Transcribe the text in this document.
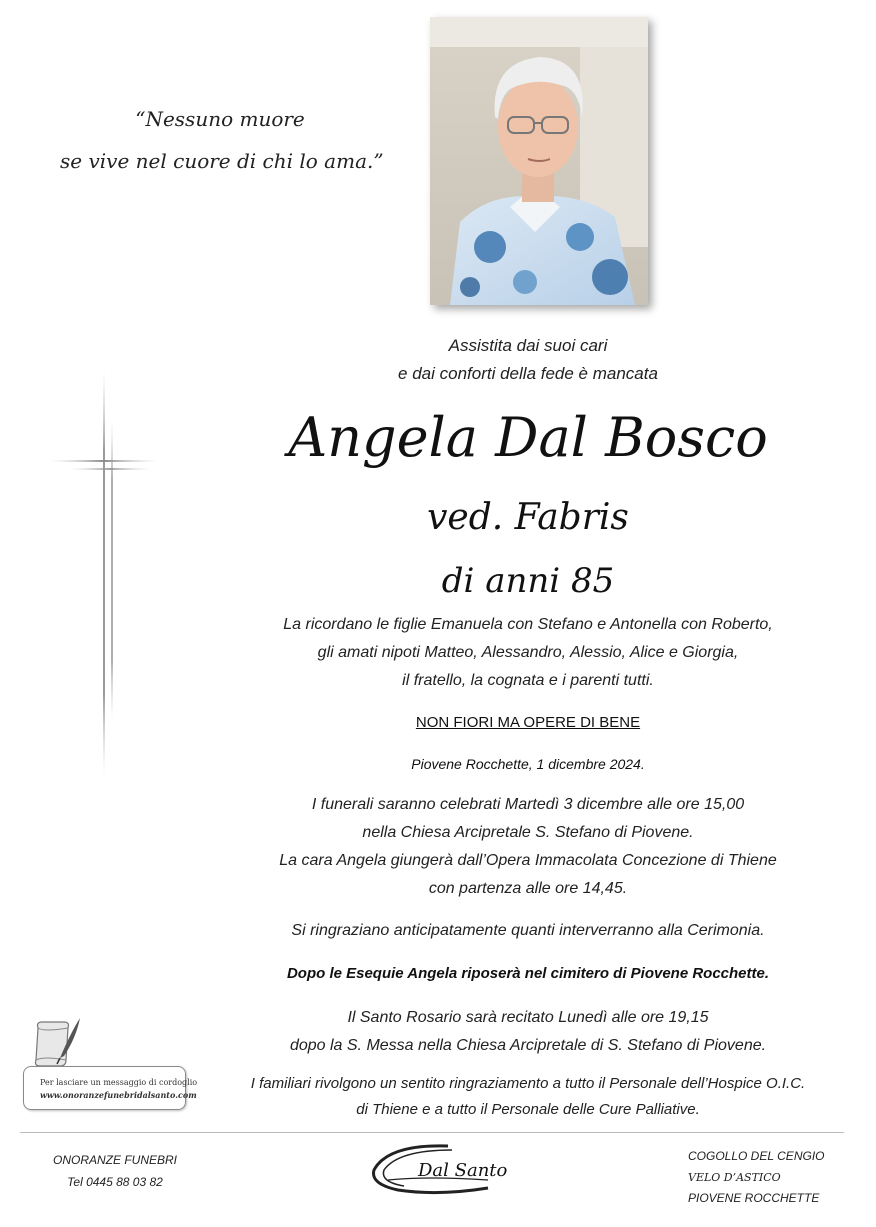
“Nessuno muore
se vive nel cuore di chi lo ama.”
Assistita dai suoi cari
e dai conforti della fede è mancata
Angela Dal Bosco
ved. Fabris
di anni 85
La ricordano le figlie Emanuela con Stefano e Antonella con Roberto,
gli amati nipoti Matteo, Alessandro, Alessio, Alice e Giorgia,
il fratello, la cognata e i parenti tutti.
NON FIORI MA OPERE DI BENE
Piovene Rocchette, 1 dicembre 2024.
I funerali saranno celebrati Martedì 3 dicembre alle ore 15,00
nella Chiesa Arcipretale S. Stefano di Piovene.
La cara Angela giungerà dall’Opera Immacolata Concezione di Thiene
con partenza alle ore 14,45.
Si ringraziano anticipatamente quanti interverranno alla Cerimonia.
Dopo le Esequie Angela riposerà nel cimitero di Piovene Rocchette.
Il Santo Rosario sarà recitato Lunedì alle ore 19,15
dopo la S. Messa nella Chiesa Arcipretale di S. Stefano di Piovene.
I familiari rivolgono un sentito ringraziamento a tutto il Personale dell’Hospice O.I.C.
di Thiene e a tutto il Personale delle Cure Palliative.
Per lasciare un messaggio di cordoglio
www.onoranzefunebridalsanto.com
ONORANZE FUNEBRI
Tel 0445 88 03 82
Dal Santo
COGOLLO DEL CENGIO
VELO D’ASTICO
PIOVENE ROCCHETTE
